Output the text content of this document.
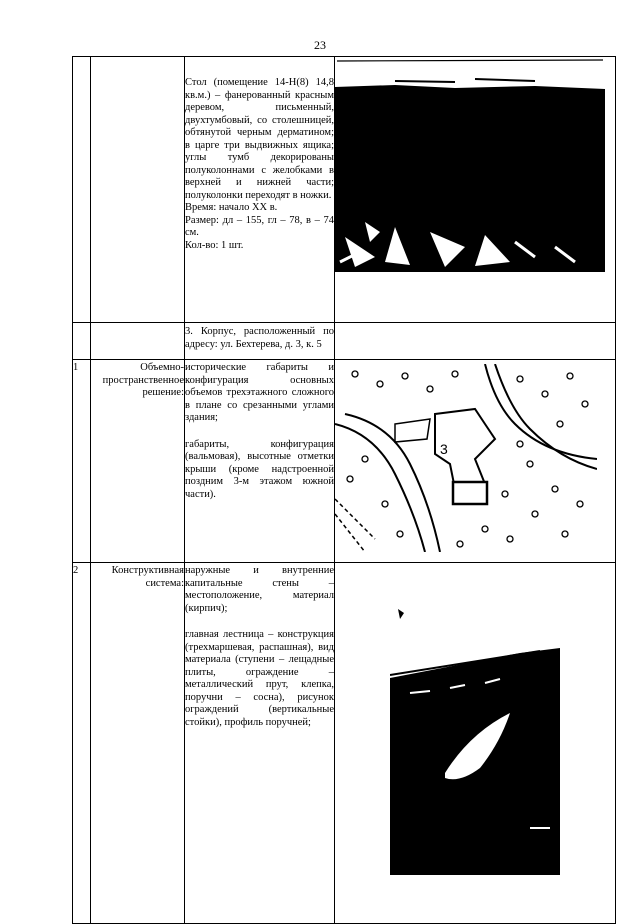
23

		Стол (помещение 14-Н(8) 14,8 кв.м.) – фанерованный красным деревом, письменный, двухтумбовый, со столешницей, обтянутой черным дерматином; в царге три выдвижных ящика; углы тумб декорированы полуколоннами с желобками в верхней и нижней части; полуколонки переходят в ножки.
Время: начало XX в.
Размер: дл – 155, гл – 78, в – 74 см.
Кол-во: 1 шт.

		3. Корпус, расположенный по адресу: ул. Бехтерева, д. 3, к. 5	

1	Объемно-пространственное решение:	исторические габариты и конфигурация основных объемов трехэтажного сложного в плане со срезанными углами здания;

габариты, конфигурация (вальмовая), высотные отметки крыши (кроме надстроенной поздним 3-м этажом южной части).	3

2	Конструктивная система:	наружные и внутренние капитальные стены – местоположение, материал (кирпич);

главная лестница – конструкция (трехмаршевая, распашная), вид материала (ступени – лещадные плиты, ограждение – металлический прут, клепка, поручни – сосна), рисунок ограждений (вертикальные стойки), профиль поручней;
